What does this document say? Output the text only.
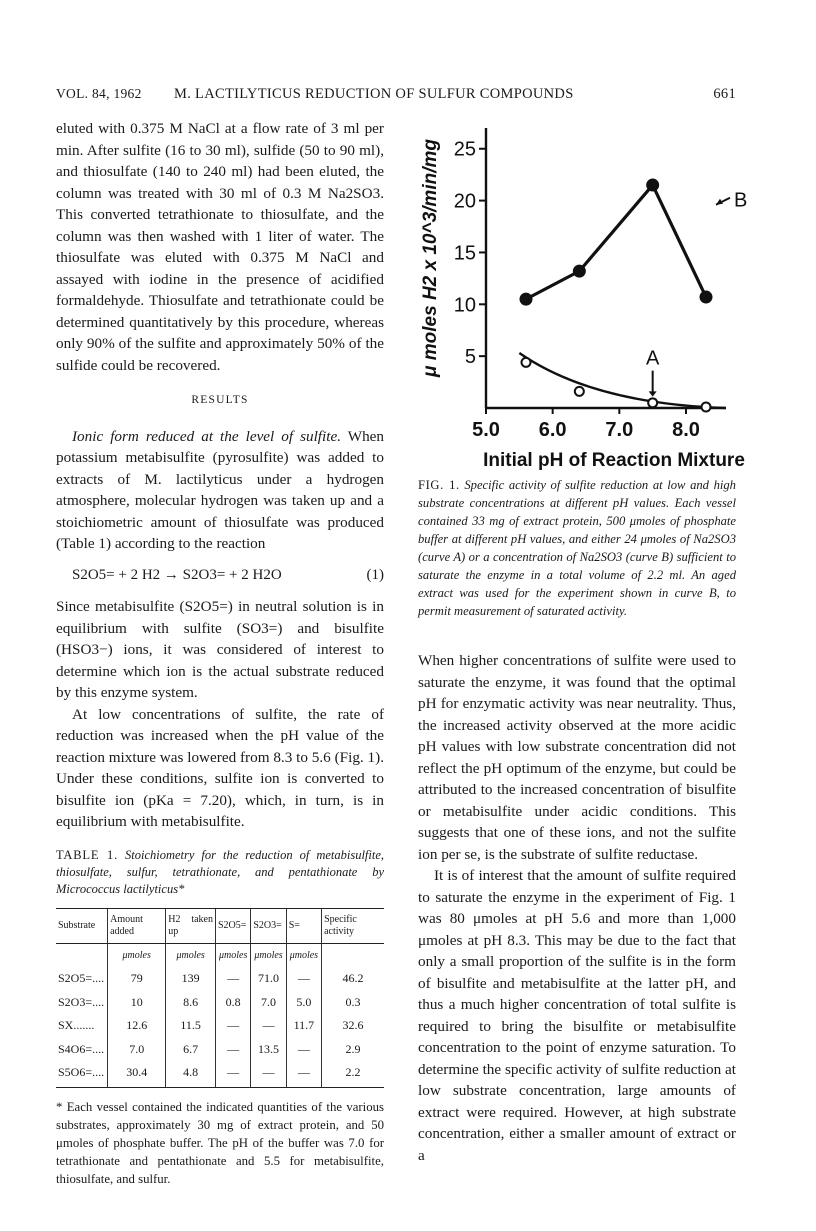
VOL. 84, 1962 M. LACTILYTICUS REDUCTION OF SULFUR COMPOUNDS	661

eluted with 0.375 M NaCl at a flow rate of 3 ml per min. After sulfite (16 to 30 ml), sulfide (50 to 90 ml), and thiosulfate (140 to 240 ml) had been eluted, the column was treated with 30 ml of 0.3 M Na2SO3. This converted tetrathionate to thiosulfate, and the column was then washed with 1 liter of water. The thiosulfate was eluted with 0.375 M NaCl and assayed with iodine in the presence of acidified formaldehyde. Thiosulfate and tetrathionate could be determined quantitatively by this procedure, whereas only 90% of the sulfite and approximately 50% of the sulfide could be recovered.

RESULTS

Ionic form reduced at the level of sulfite. When potassium metabisulfite (pyrosulfite) was added to extracts of M. lactilyticus under a hydrogen atmosphere, molecular hydrogen was taken up and a stoichiometric amount of thiosulfate was produced (Table 1) according to the reaction

S2O5= + 2 H2 → S2O3= + 2 H2O	(1)

Since metabisulfite (S2O5=) in neutral solution is in equilibrium with sulfite (SO3=) and bisulfite (HSO3−) ions, it was considered of interest to determine which ion is the actual substrate reduced by this enzyme system.

At low concentrations of sulfite, the rate of reduction was increased when the pH value of the reaction mixture was lowered from 8.3 to 5.6 (Fig. 1). Under these conditions, sulfite ion is converted to bisulfite ion (pKa = 7.20), which, in turn, is in equilibrium with metabisulfite.

TABLE 1. Stoichiometry for the reduction of metabisulfite, thiosulfate, sulfur, tetrathionate, and pentathionate by Micrococcus lactilyticus*
Substrate	Amount added	H2 taken up	S2O5=	S2O3=	S=	Specific activity
	μmoles	μmoles	μmoles	μmoles	μmoles	
S2O5=....	79	139	—	71.0	—	46.2
S2O3=....	10	8.6	0.8	7.0	5.0	0.3
SX.......	12.6	11.5	—	—	11.7	32.6
S4O6=....	7.0	6.7	—	13.5	—	2.9
S5O6=....	30.4	4.8	—	—	—	2.2

* Each vessel contained the indicated quantities of the various substrates, approximately 30 mg of extract protein, and 50 μmoles of phosphate buffer. The pH of the buffer was 7.0 for tetrathionate and pentathionate and 5.5 for metabisulfite, thiosulfate, and sulfur.

5
10
15
20
25
5.0 6.0 7.0 8.0
Initial pH of Reaction Mixture
μ moles H2 x 10^3/min/mg	B
A
FIG. 1. Specific activity of sulfite reduction at low and high substrate concentrations at different pH values. Each vessel contained 33 mg of extract protein, 500 μmoles of phosphate buffer at different pH values, and either 24 μmoles of Na2SO3 (curve A) or a concentration of Na2SO3 (curve B) sufficient to saturate the enzyme in a total volume of 2.2 ml. An aged extract was used for the experiment shown in curve B, to permit measurement of saturated activity.

When higher concentrations of sulfite were used to saturate the enzyme, it was found that the optimal pH for enzymatic activity was near neutrality. Thus, the increased activity observed at the more acidic pH values with low substrate concentration did not reflect the pH optimum of the enzyme, but could be attributed to the increased concentration of bisulfite or metabisulfite under acidic conditions. This suggests that one of these ions, and not the sulfite ion per se, is the substrate of sulfite reductase.

It is of interest that the amount of sulfite required to saturate the enzyme in the experiment of Fig. 1 was 80 μmoles at pH 5.6 and more than 1,000 μmoles at pH 8.3. This may be due to the fact that only a small proportion of the sulfite is in the form of bisulfite and metabisulfite at the latter pH, and thus a much higher concentration of total sulfite is required to bring the bisulfite or metabisulfite concentration to the point of enzyme saturation. To determine the specific activity of sulfite reduction at low substrate concentration, large amounts of extract were required. However, at high substrate concentration, either a smaller amount of extract or a
